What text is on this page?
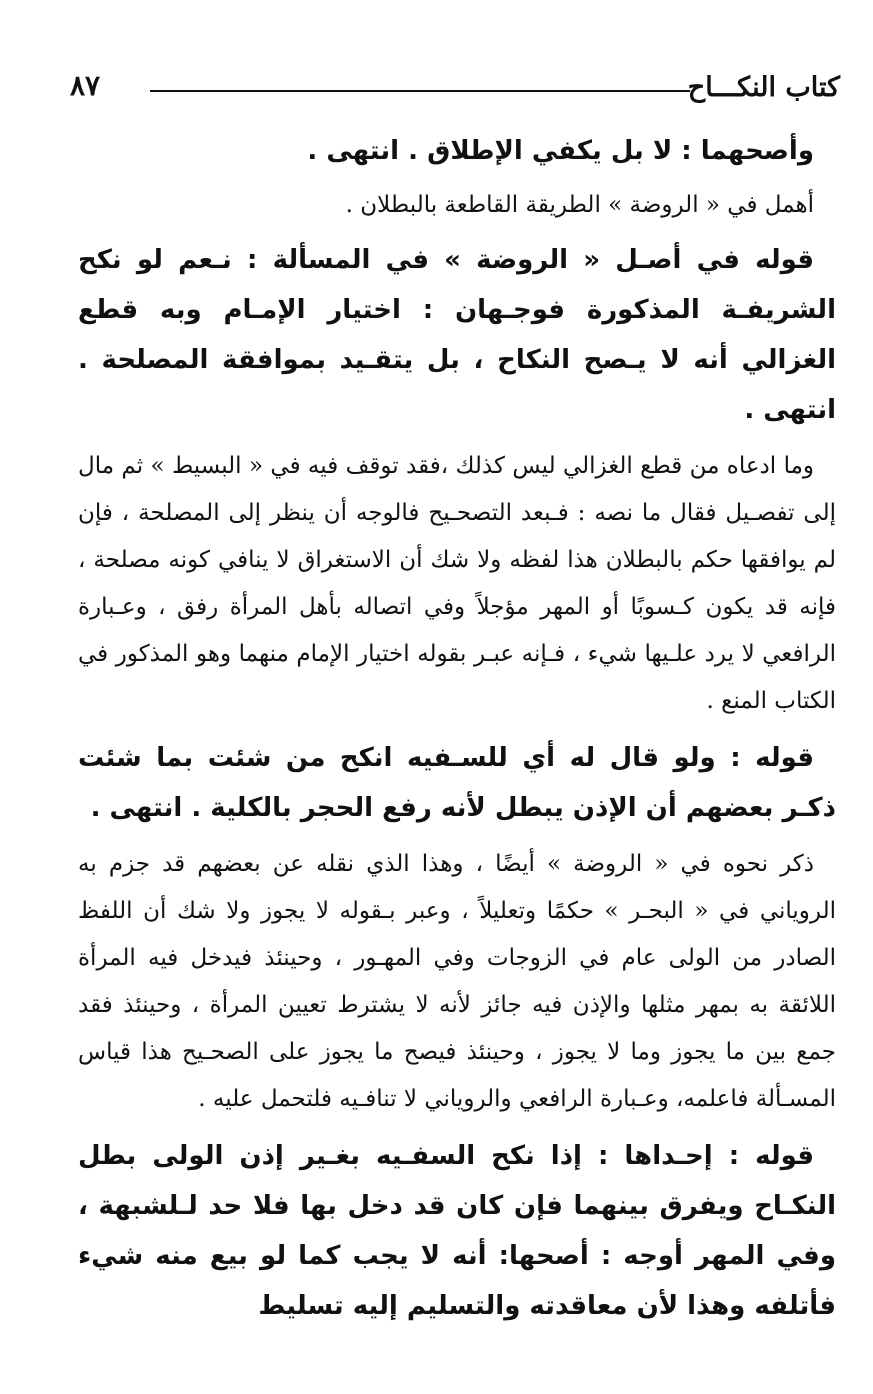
كتاب النكـــاح
٨٧

وأصحهما : لا بل يكفي الإطلاق . انتهى .

أهمل في « الروضة » الطريقة القاطعة بالبطلان .

قوله في أصـل « الروضة » في المسألة : نـعم لو نكح الشريفـة المذكورة فوجـهان : اختيار الإمـام وبه قطع الغزالي أنه لا يـصح النكاح ، بل يتقـيد بموافقة المصلحة . انتهى .

وما ادعاه من قطع الغزالي ليس كذلك ،فقد توقف فيه في « البسيط » ثم مال إلى تفصـيل فقال ما نصه : فـبعد التصحـيح فالوجه أن ينظر إلى المصلحة ، فإن لم يوافقها حكم بالبطلان هذا لفظه ولا شك أن الاستغراق لا ينافي كونه مصلحة ، فإنه قد يكون كـسوبًا أو المهر مؤجلاً وفي اتصاله بأهل المرأة رفق ، وعـبارة الرافعي لا يرد علـيها شيء ، فـإنه عبـر بقوله اختيار الإمام منهما وهو المذكور في الكتاب المنع .

قوله : ولو قال له أي للسـفيه انكح من شئت بما شئت ذكـر بعضهم أن الإذن يبطل لأنه رفع الحجر بالكلية . انتهى .

ذكر نحوه في « الروضة » أيضًا ، وهذا الذي نقله عن بعضهم قد جزم به الروياني في « البحـر » حكمًا وتعليلاً ، وعبر بـقوله لا يجوز ولا شك أن اللفظ الصادر من الولى عام في الزوجات وفي المهـور ، وحينئذ فيدخل فيه المرأة اللائقة به بمهر مثلها والإذن فيه جائز لأنه لا يشترط تعيين المرأة ، وحينئذ فقد جمع بين ما يجوز وما لا يجوز ، وحينئذ فيصح ما يجوز على الصحـيح هذا قياس المسـألة فاعلمه، وعـبارة الرافعي والروياني لا تنافـيه فلتحمل عليه .

قوله : إحـداها : إذا نكح السفـيه بغـير إذن الولى بطل النكـاح ويفرق بينهما فإن كان قد دخل بها فلا حد لـلشبهة ، وفي المهر أوجه : أصحها: أنه لا يجب كما لو بيع منه شيء فأتلفه وهذا لأن معاقدته والتسليم إليه تسليط
